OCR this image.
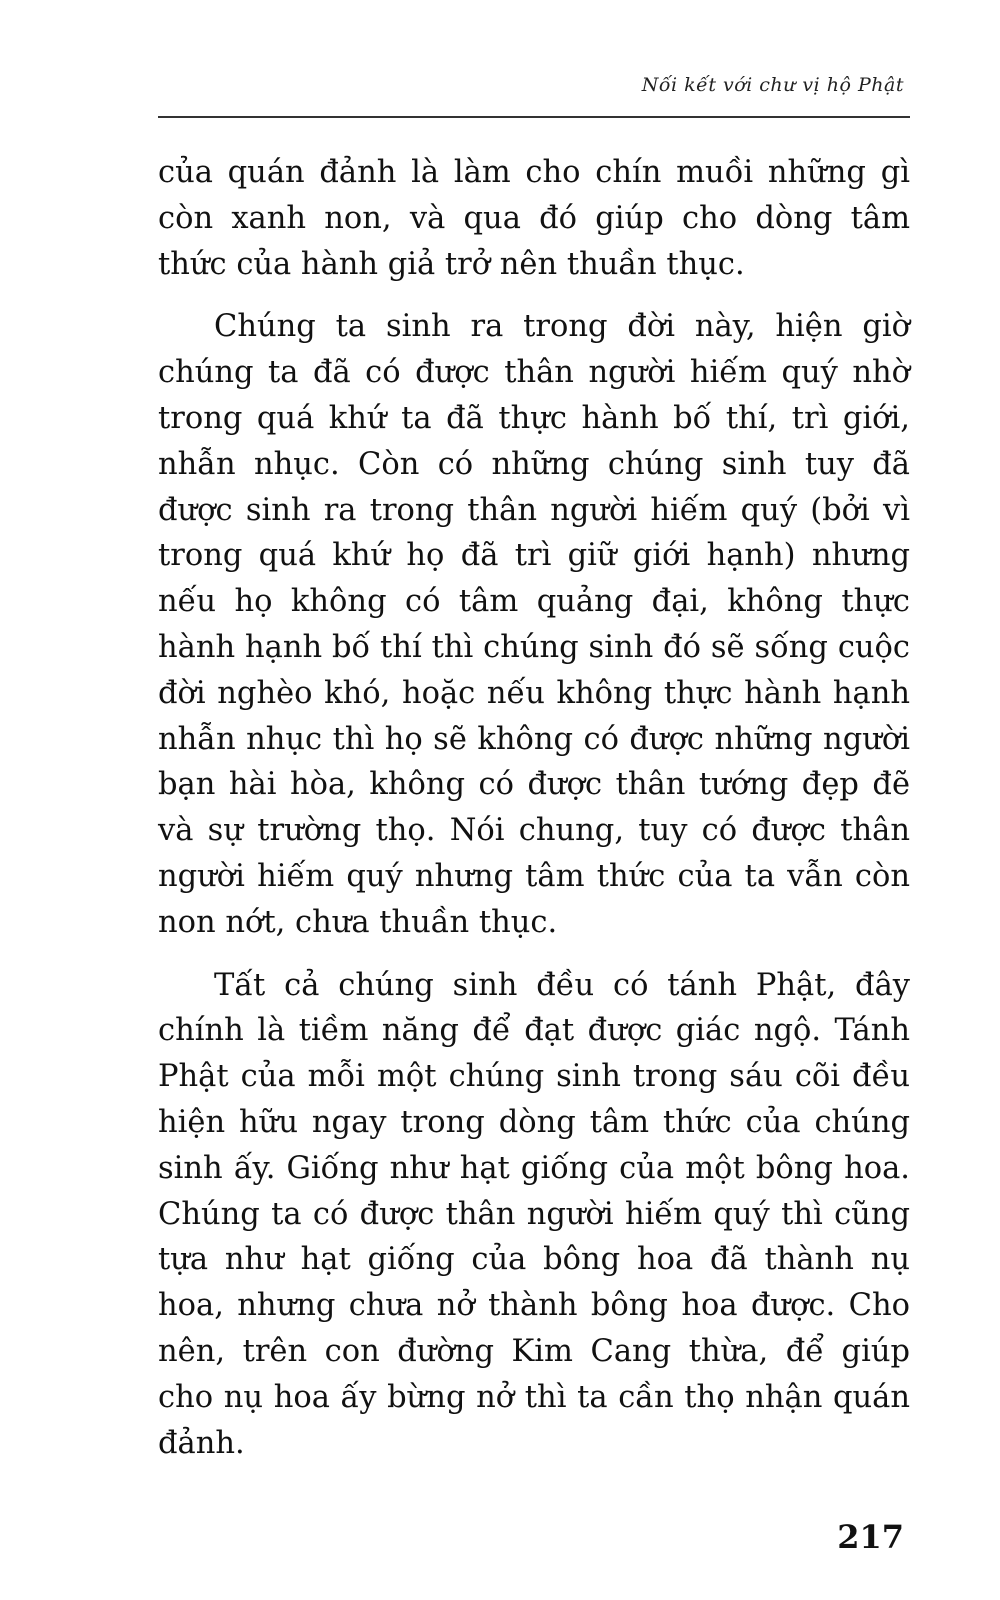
Nối kết với chư vị hộ Phật

của quán đảnh là làm cho chín muồi những gì còn xanh non, và qua đó giúp cho dòng tâm thức của hành giả trở nên thuần thục.

Chúng ta sinh ra trong đời này, hiện giờ chúng ta đã có được thân người hiếm quý nhờ trong quá khứ ta đã thực hành bố thí, trì giới, nhẫn nhục. Còn có những chúng sinh tuy đã được sinh ra trong thân người hiếm quý (bởi vì trong quá khứ họ đã trì giữ giới hạnh) nhưng nếu họ không có tâm quảng đại, không thực hành hạnh bố thí thì chúng sinh đó sẽ sống cuộc đời nghèo khó, hoặc nếu không thực hành hạnh nhẫn nhục thì họ sẽ không có được những người bạn hài hòa, không có được thân tướng đẹp đẽ và sự trường thọ. Nói chung, tuy có được thân người hiếm quý nhưng tâm thức của ta vẫn còn non nớt, chưa thuần thục.

Tất cả chúng sinh đều có tánh Phật, đây chính là tiềm năng để đạt được giác ngộ. Tánh Phật của mỗi một chúng sinh trong sáu cõi đều hiện hữu ngay trong dòng tâm thức của chúng sinh ấy. Giống như hạt giống của một bông hoa. Chúng ta có được thân người hiếm quý thì cũng tựa như hạt giống của bông hoa đã thành nụ hoa, nhưng chưa nở thành bông hoa được. Cho nên, trên con đường Kim Cang thừa, để giúp cho nụ hoa ấy bừng nở thì ta cần thọ nhận quán đảnh.

217
